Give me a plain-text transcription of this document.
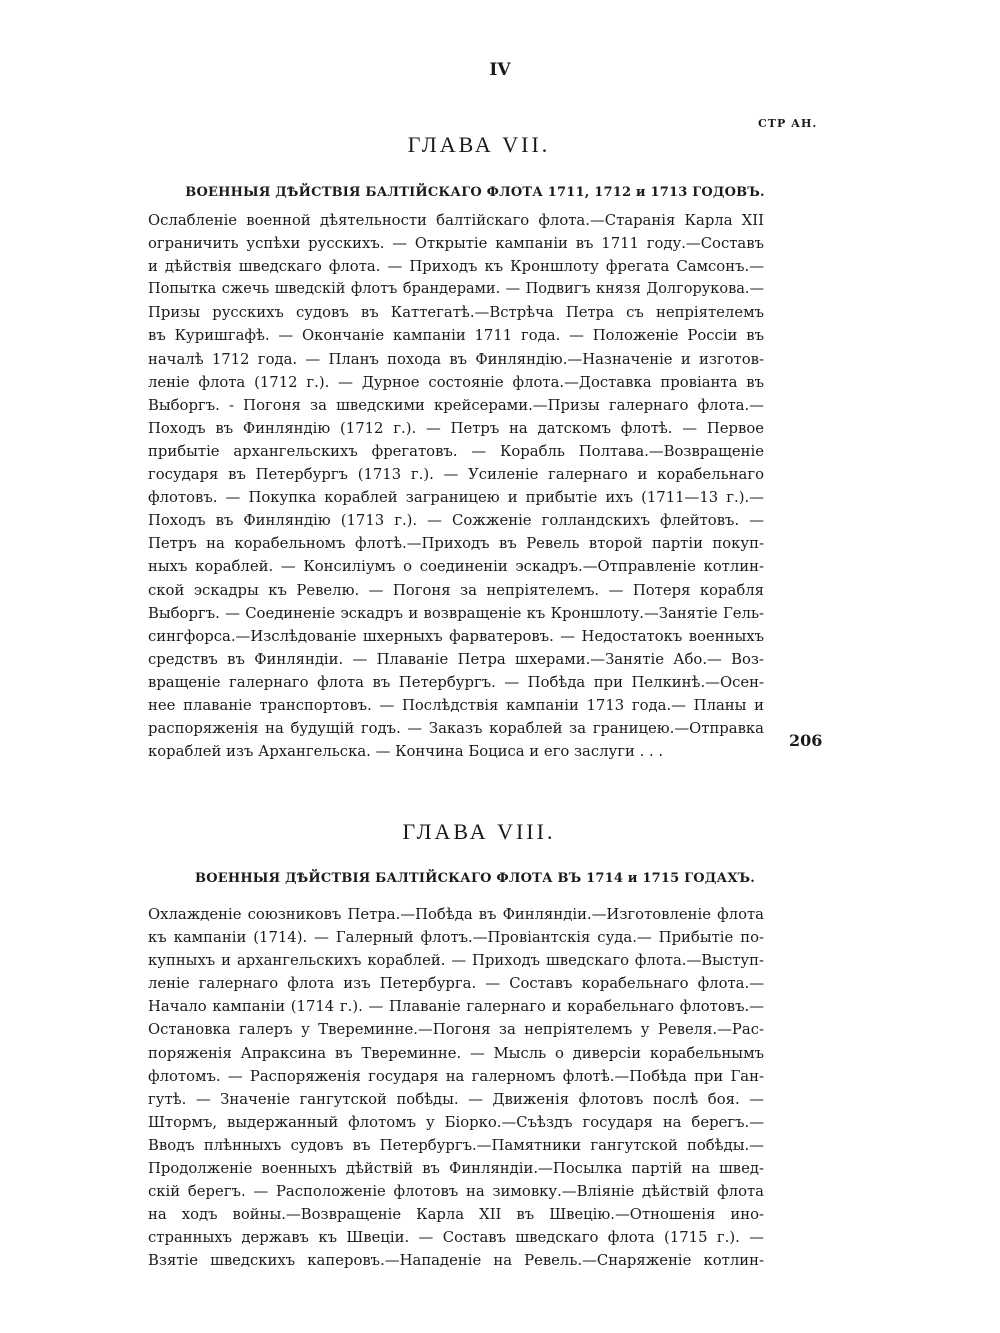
IV
СТР АН.
ГЛАВА VII.
ВОЕННЫЯ ДѢЙСТВІЯ БАЛТІЙСКАГО ФЛОТА 1711, 1712 и 1713 ГОДОВЪ.
Ослабленіе военной дѣятельности балтійскаго флота.—Старанія Карла XII
ограничить успѣхи русскихъ. — Открытіе кампаніи въ 1711 году.—Составъ
и дѣйствія шведскаго флота. — Приходъ къ Кроншлоту фрегата Самсонъ.—
Попытка сжечь шведскій флотъ брандерами. — Подвигъ князя Долгорукова.—
Призы русскихъ судовъ въ Каттегатѣ.—Встрѣча Петра съ непріятелемъ
въ Куришгафѣ. — Окончаніе кампаніи 1711 года. — Положеніе Россіи въ
началѣ 1712 года. — Планъ похода въ Финляндію.—Назначеніе и изготов-
леніе флота (1712 г.). — Дурное состояніе флота.—Доставка провіанта въ
Выборгъ. - Погоня за шведскими крейсерами.—Призы галернаго флота.—
Походъ въ Финляндію (1712 г.). — Петръ на датскомъ флотѣ. — Первое
прибытіе архангельскихъ фрегатовъ. — Корабль Полтава.—Возвращеніе
государя въ Петербургъ (1713 г.). — Усиленіе галернаго и корабельнаго
флотовъ. — Покупка кораблей заграницею и прибытіе ихъ (1711—13 г.).—
Походъ въ Финляндію (1713 г.). — Сожженіе голландскихъ флейтовъ. —
Петръ на корабельномъ флотѣ.—Приходъ въ Ревель второй партіи покуп-
ныхъ кораблей. — Консиліумъ о соединеніи эскадръ.—Отправленіе котлин-
ской эскадры къ Ревелю. — Погоня за непріятелемъ. — Потеря корабля
Выборгъ. — Соединеніе эскадръ и возвращеніе къ Кроншлоту.—Занятіе Гель-
сингфорса.—Изслѣдованіе шхерныхъ фарватеровъ. — Недостатокъ военныхъ
средствъ въ Финляндіи. — Плаваніе Петра шхерами.—Занятіе Або.— Воз-
вращеніе галернаго флота въ Петербургъ. — Побѣда при Пелкинѣ.—Осен-
нее плаваніе транспортовъ. — Послѣдствія кампаніи 1713 года.— Планы и
распоряженія на будущій годъ. — Заказъ кораблей за границею.—Отправка
кораблей изъ Архангельска. — Кончина Боциса и его заслуги . . .
206
ГЛАВА VIII.
ВОЕННЫЯ ДѢЙСТВІЯ БАЛТІЙСКАГО ФЛОТА ВЪ 1714 и 1715 ГОДАХЪ.
Охлажденіе союзниковъ Петра.—Побѣда въ Финляндіи.—Изготовленіе флота
къ кампаніи (1714). — Галерный флотъ.—Провіантскія суда.— Прибытіе по-
купныхъ и архангельскихъ кораблей. — Приходъ шведскаго флота.—Выступ-
леніе галернаго флота изъ Петербурга. — Составъ корабельнаго флота.—
Начало кампаніи (1714 г.). — Плаваніе галернаго и корабельнаго флотовъ.—
Остановка галеръ у Твереминне.—Погоня за непріятелемъ у Ревеля.—Рас-
поряженія Апраксина въ Твереминне. — Мысль о диверсіи корабельнымъ
флотомъ. — Распоряженія государя на галерномъ флотѣ.—Побѣда при Ган-
гутѣ. — Значеніе гангутской побѣды. — Движенія флотовъ послѣ боя. —
Штормъ, выдержанный флотомъ у Біорко.—Съѣздъ государя на берегъ.—
Вводъ плѣнныхъ судовъ въ Петербургъ.—Памятники гангутской побѣды.—
Продолженіе военныхъ дѣйствій въ Финляндіи.—Посылка партій на швед-
скій берегъ. — Расположеніе флотовъ на зимовку.—Вліяніе дѣйствій флота
на ходъ войны.—Возвращеніе Карла XII въ Швецію.—Отношенія ино-
странныхъ державъ къ Швеціи. — Составъ шведскаго флота (1715 г.). —
Взятіе шведскихъ каперовъ.—Нападеніе на Ревель.—Снаряженіе котлин-
